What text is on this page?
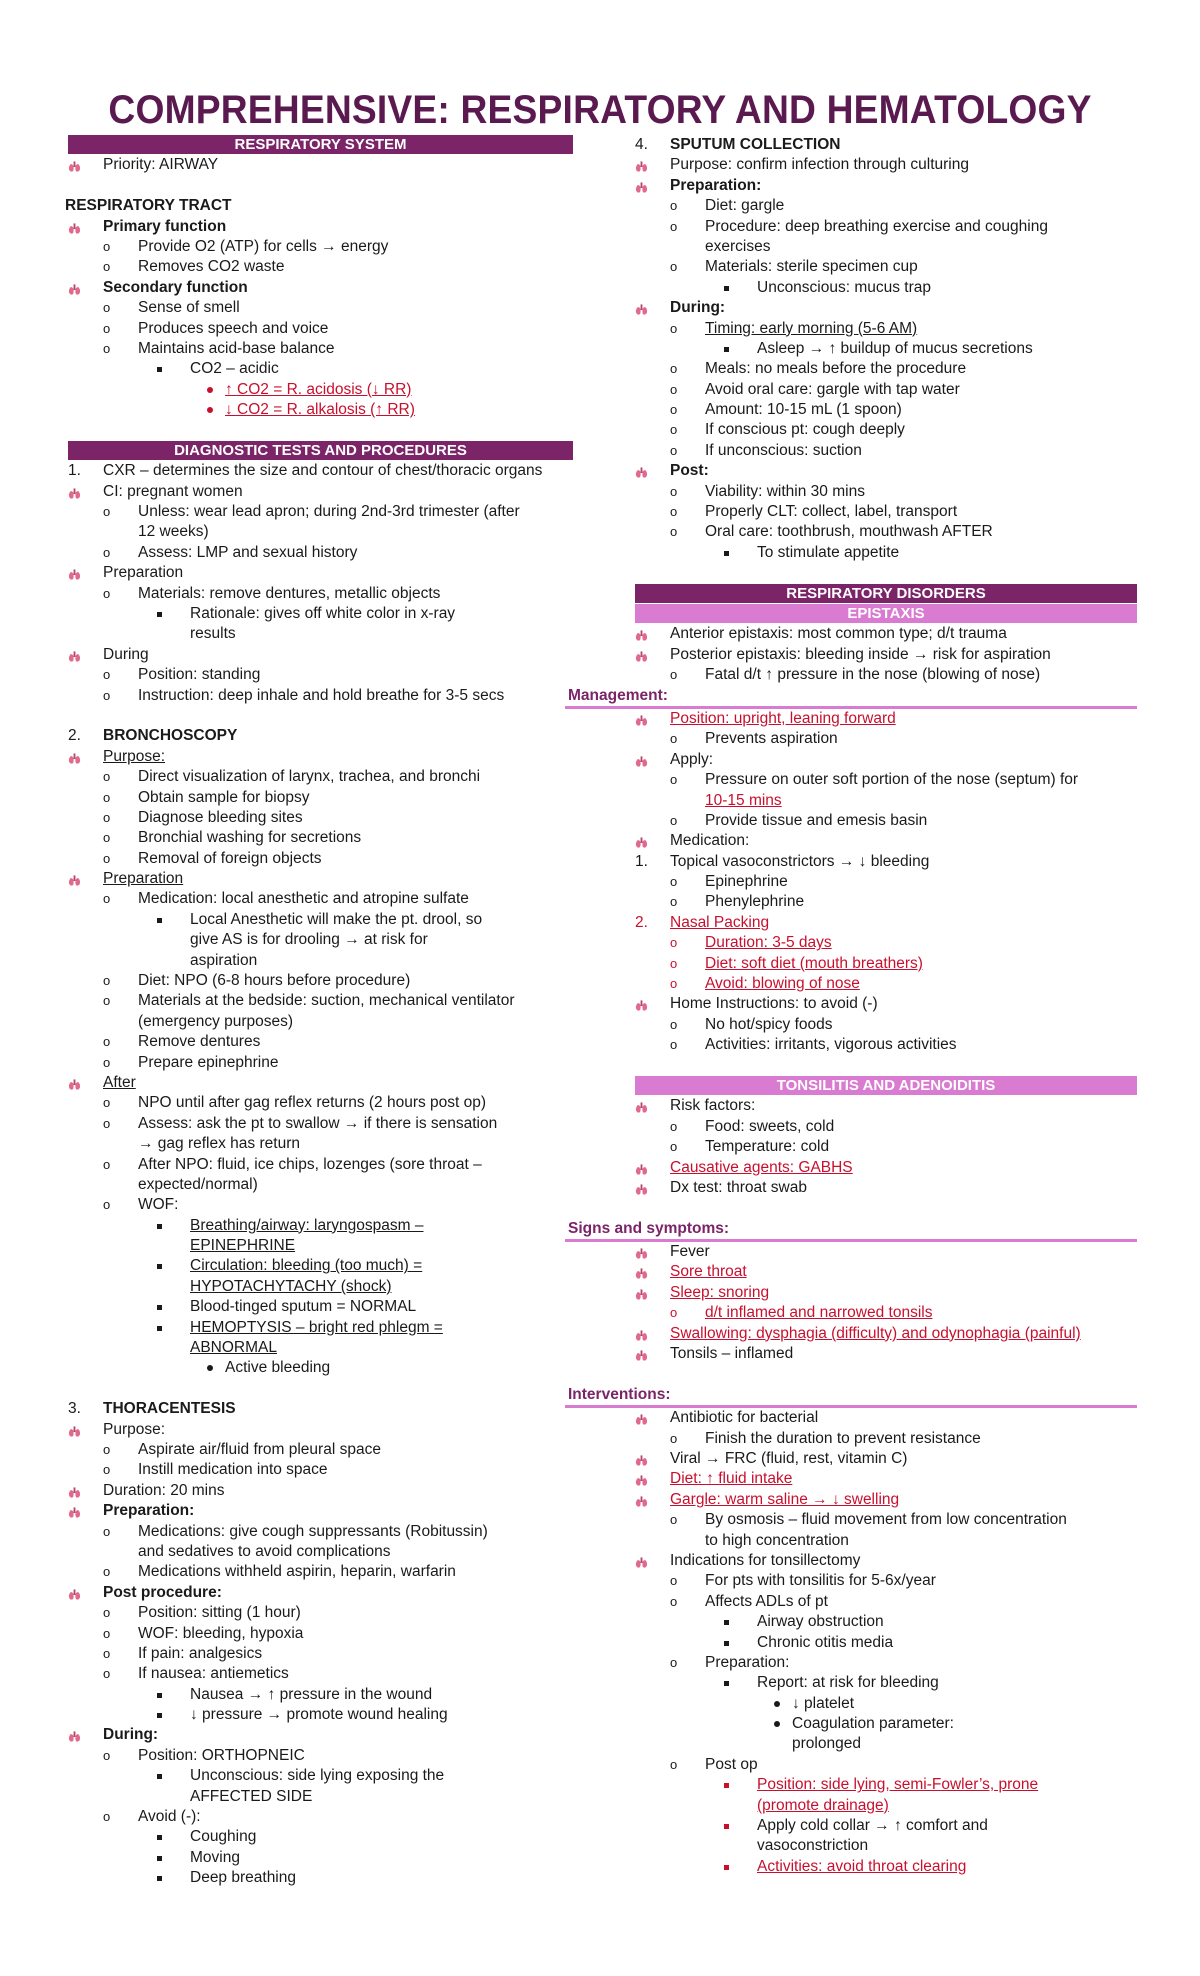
COMPREHENSIVE: RESPIRATORY AND HEMATOLOGY
RESPIRATORY SYSTEM
Priority: AIRWAY
RESPIRATORY TRACT
Primary function
o Provide O2 (ATP) for cells → energy
o Removes CO2 waste
Secondary function
o Sense of smell
o Produces speech and voice
o Maintains acid-base balance
CO2 – acidic
↑ CO2 = R. acidosis (↓ RR)
↓ CO2 = R. alkalosis (↑ RR)
DIAGNOSTIC TESTS AND PROCEDURES
1. CXR – determines the size and contour of chest/thoracic organs
CI: pregnant women
o Unless: wear lead apron; during 2nd-3rd trimester (after
12 weeks)
o Assess: LMP and sexual history
Preparation
o Materials: remove dentures, metallic objects
Rationale: gives off white color in x-ray
results
During
o Position: standing
o Instruction: deep inhale and hold breathe for 3-5 secs
2. BRONCHOSCOPY
Purpose:
o Direct visualization of larynx, trachea, and bronchi
o Obtain sample for biopsy
o Diagnose bleeding sites
o Bronchial washing for secretions
o Removal of foreign objects
Preparation
o Medication: local anesthetic and atropine sulfate
Local Anesthetic will make the pt. drool, so
give AS is for drooling → at risk for
aspiration
o Diet: NPO (6-8 hours before procedure)
o Materials at the bedside: suction, mechanical ventilator
(emergency purposes)
o Remove dentures
o Prepare epinephrine
After
o NPO until after gag reflex returns (2 hours post op)
o Assess: ask the pt to swallow → if there is sensation
→ gag reflex has return
o After NPO: fluid, ice chips, lozenges (sore throat –
expected/normal)
o WOF:
Breathing/airway: laryngospasm –
EPINEPHRINE
Circulation: bleeding (too much) =
HYPOTACHYTACHY (shock)
Blood-tinged sputum = NORMAL
HEMOPTYSIS – bright red phlegm =
ABNORMAL
Active bleeding
3. THORACENTESIS
Purpose:
o Aspirate air/fluid from pleural space
o Instill medication into space
Duration: 20 mins
Preparation:
o Medications: give cough suppressants (Robitussin)
and sedatives to avoid complications
o Medications withheld aspirin, heparin, warfarin
Post procedure:
o Position: sitting (1 hour)
o WOF: bleeding, hypoxia
o If pain: analgesics
o If nausea: antiemetics
Nausea → ↑ pressure in the wound
↓ pressure → promote wound healing
During:
o Position: ORTHOPNEIC
Unconscious: side lying exposing the
AFFECTED SIDE
o Avoid (-):
Coughing
Moving
Deep breathing
4. SPUTUM COLLECTION
Purpose: confirm infection through culturing
Preparation:
o Diet: gargle
o Procedure: deep breathing exercise and coughing
exercises
o Materials: sterile specimen cup
Unconscious: mucus trap
During:
o Timing: early morning (5-6 AM)
Asleep → ↑ buildup of mucus secretions
o Meals: no meals before the procedure
o Avoid oral care: gargle with tap water
o Amount: 10-15 mL (1 spoon)
o If conscious pt: cough deeply
o If unconscious: suction
Post:
o Viability: within 30 mins
o Properly CLT: collect, label, transport
o Oral care: toothbrush, mouthwash AFTER
To stimulate appetite
RESPIRATORY DISORDERS
EPISTAXIS
Anterior epistaxis: most common type; d/t trauma
Posterior epistaxis: bleeding inside → risk for aspiration
o Fatal d/t ↑ pressure in the nose (blowing of nose)
Management:
Position: upright, leaning forward
o Prevents aspiration
Apply:
o Pressure on outer soft portion of the nose (septum) for
10-15 mins
o Provide tissue and emesis basin
Medication:
1. Topical vasoconstrictors → ↓ bleeding
o Epinephrine
o Phenylephrine
2. Nasal Packing
o Duration: 3-5 days
o Diet: soft diet (mouth breathers)
o Avoid: blowing of nose
Home Instructions: to avoid (-)
o No hot/spicy foods
o Activities: irritants, vigorous activities
TONSILITIS AND ADENOIDITIS
Risk factors:
o Food: sweets, cold
o Temperature: cold
Causative agents: GABHS
Dx test: throat swab
Signs and symptoms:
Fever
Sore throat
Sleep: snoring
o d/t inflamed and narrowed tonsils
Swallowing: dysphagia (difficulty) and odynophagia (painful)
Tonsils – inflamed
Interventions:
Antibiotic for bacterial
o Finish the duration to prevent resistance
Viral → FRC (fluid, rest, vitamin C)
Diet: ↑ fluid intake
Gargle: warm saline → ↓ swelling
o By osmosis – fluid movement from low concentration
to high concentration
Indications for tonsillectomy
o For pts with tonsilitis for 5-6x/year
o Affects ADLs of pt
Airway obstruction
Chronic otitis media
o Preparation:
Report: at risk for bleeding
↓ platelet
Coagulation parameter:
prolonged
o Post op
Position: side lying, semi-Fowler’s, prone
(promote drainage)
Apply cold collar → ↑ comfort and
vasoconstriction
Activities: avoid throat clearing
